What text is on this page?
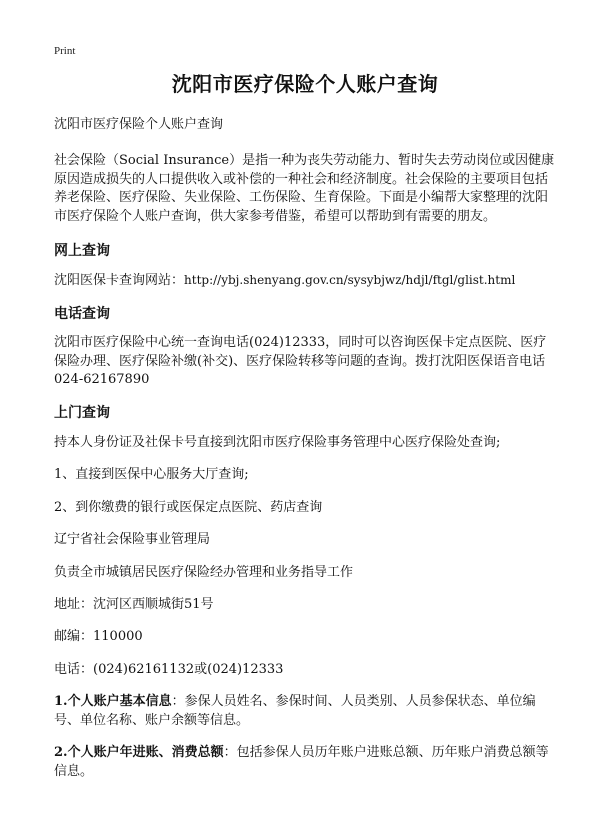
Print
沈阳市医疗保险个人账户查询

沈阳市医疗保险个人账户查询

社会保险（Social Insurance）是指一种为丧失劳动能力、暂时失去劳动岗位或因健康原因造成损失的人口提供收入或补偿的一种社会和经济制度。社会保险的主要项目包括养老保险、医疗保险、失业保险、工伤保险、生育保险。下面是小编帮大家整理的沈阳市医疗保险个人账户查询，供大家参考借鉴，希望可以帮助到有需要的朋友。

网上查询

沈阳医保卡查询网站：http://ybj.shenyang.gov.cn/sysybjwz/hdjl/ftgl/glist.html

电话查询

沈阳市医疗保险中心统一查询电话(024)12333，同时可以咨询医保卡定点医院、医疗保险办理、医疗保险补缴(补交)、医疗保险转移等问题的查询。拨打沈阳医保语音电话024-62167890

上门查询

持本人身份证及社保卡号直接到沈阳市医疗保险事务管理中心医疗保险处查询;

1、直接到医保中心服务大厅查询;

2、到你缴费的银行或医保定点医院、药店查询

辽宁省社会保险事业管理局

负责全市城镇居民医疗保险经办管理和业务指导工作

地址：沈河区西顺城街51号

邮编：110000

电话：(024)62161132或(024)12333

1.个人账户基本信息：参保人员姓名、参保时间、人员类别、人员参保状态、单位编号、单位名称、账户余额等信息。

2.个人账户年进账、消费总额：包括参保人员历年账户进账总额、历年账户消费总额等信息。
